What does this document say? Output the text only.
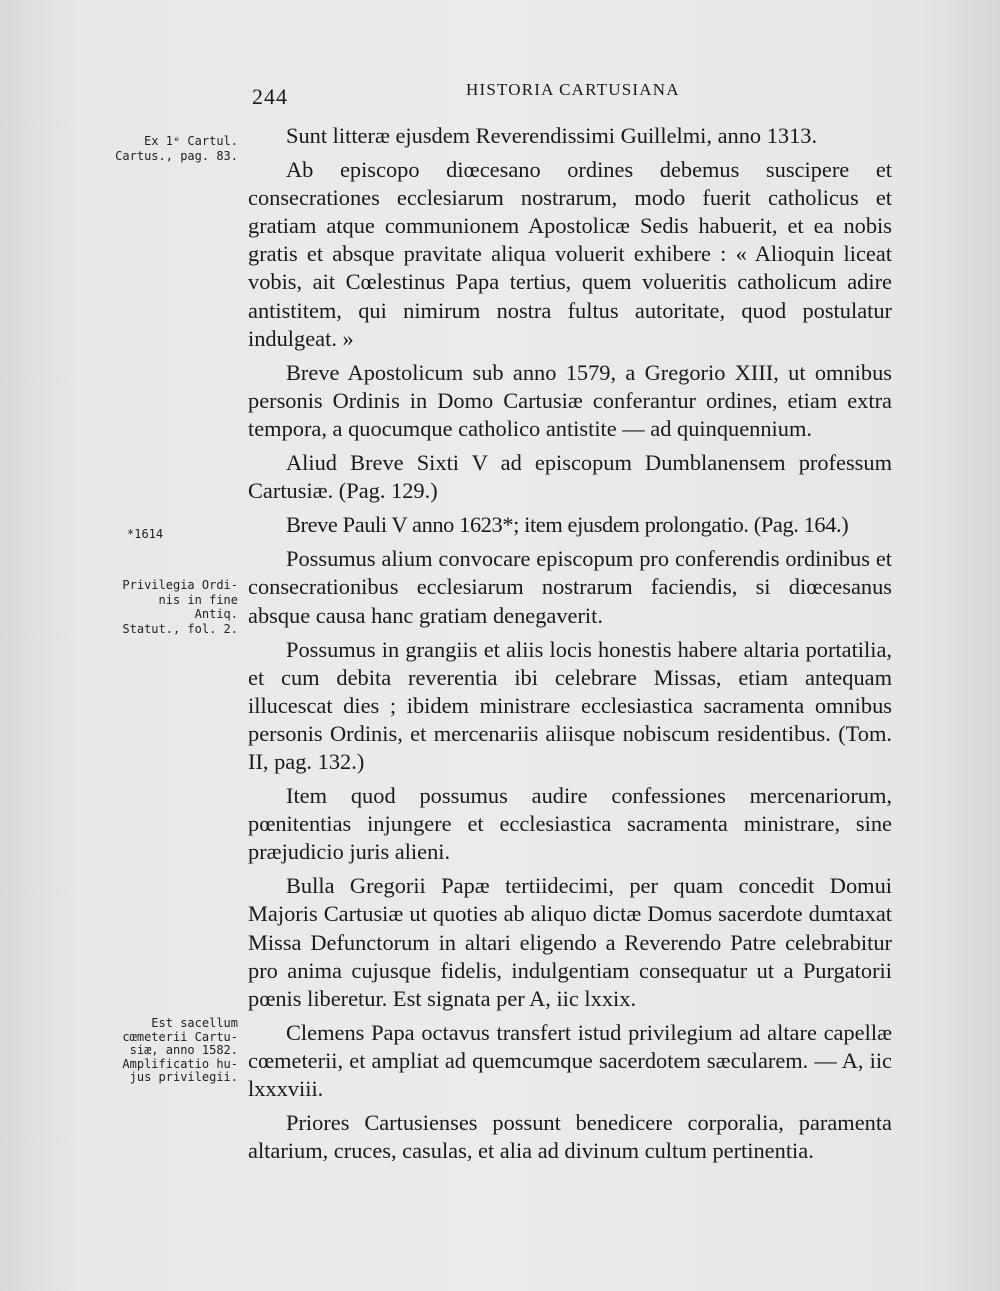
244	HISTORIA CARTUSIANA
Ex 1ᵉ Cartul.
Cartus., pag. 83.
*1614
Privilegia Ordi-
nis in fine Antiq.
Statut., fol. 2.
Est sacellum
cœmeterii Cartu-
siæ, anno 1582.
Amplificatio hu-
jus privilegii.

Sunt litteræ ejusdem Reverendissimi Guillelmi, anno 1313.

Ab episcopo diœcesano ordines debemus suscipere et consecrationes ecclesiarum nostrarum, modo fuerit catholicus et gratiam atque communionem Apostolicæ Sedis habuerit, et ea nobis gratis et absque pravitate aliqua voluerit exhibere : « Alioquin liceat vobis, ait Cœlestinus Papa tertius, quem volueritis catholicum adire antistitem, qui nimirum nostra fultus autoritate, quod postulatur indulgeat. »

Breve Apostolicum sub anno 1579, a Gregorio XIII, ut omnibus personis Ordinis in Domo Cartusiæ conferantur ordines, etiam extra tempora, a quocumque catholico antistite — ad quinquennium.

Aliud Breve Sixti V ad episcopum Dumblanensem professum Cartusiæ. (Pag. 129.)

Breve Pauli V anno 1623*; item ejusdem prolongatio. (Pag. 164.)

Possumus alium convocare episcopum pro conferendis ordinibus et consecrationibus ecclesiarum nostrarum faciendis, si diœcesanus absque causa hanc gratiam denegaverit.

Possumus in grangiis et aliis locis honestis habere altaria portatilia, et cum debita reverentia ibi celebrare Missas, etiam antequam illucescat dies ; ibidem ministrare ecclesiastica sacramenta omnibus personis Ordinis, et mercenariis aliisque nobiscum residentibus. (Tom. II, pag. 132.)

Item quod possumus audire confessiones mercenariorum, pœnitentias injungere et ecclesiastica sacramenta ministrare, sine præjudicio juris alieni.

Bulla Gregorii Papæ tertiidecimi, per quam concedit Domui Majoris Cartusiæ ut quoties ab aliquo dictæ Domus sacerdote dumtaxat Missa Defunctorum in altari eligendo a Reverendo Patre celebrabitur pro anima cujusque fidelis, indulgentiam consequatur ut a Purgatorii pœnis liberetur. Est signata per A, iic lxxix.

Clemens Papa octavus transfert istud privilegium ad altare capellæ cœmeterii, et ampliat ad quemcumque sacerdotem sæcularem. — A, iic lxxxviii.

Priores Cartusienses possunt benedicere corporalia, paramenta altarium, cruces, casulas, et alia ad divinum cultum pertinentia.
